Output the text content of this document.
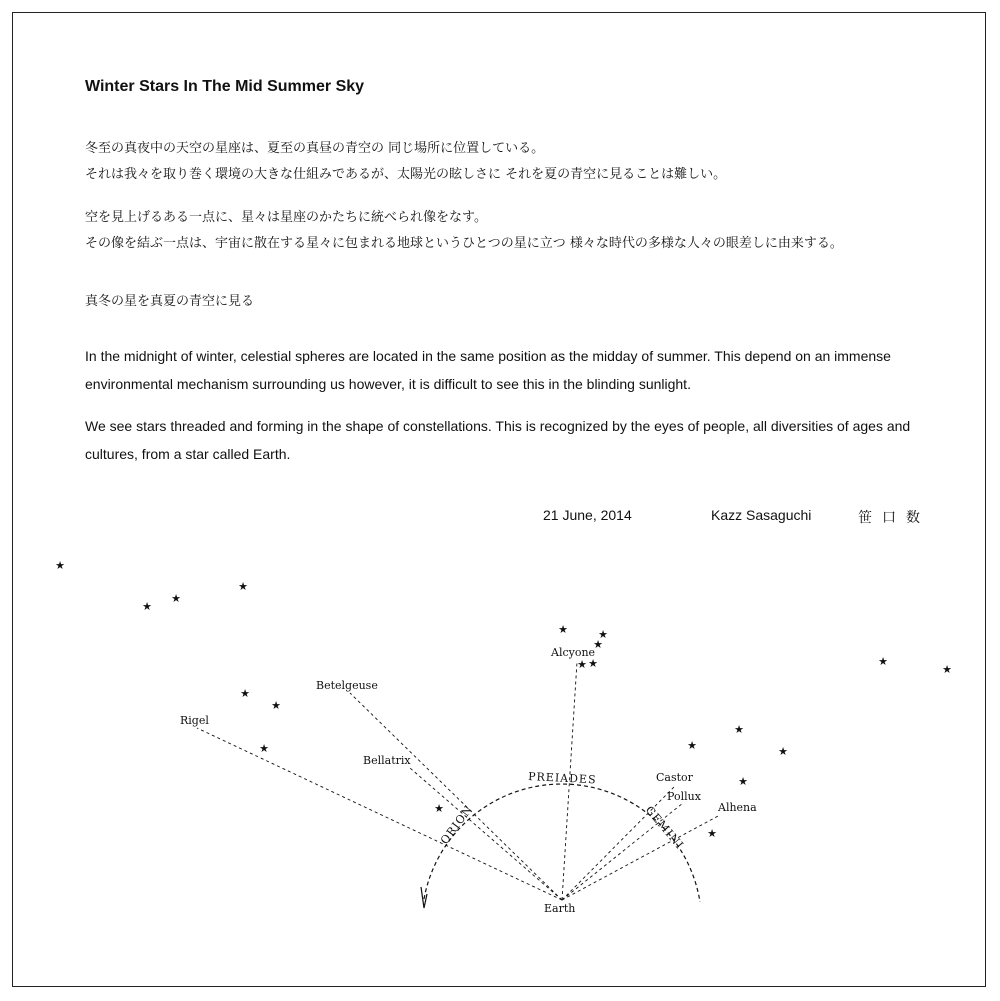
Winter Stars In The Mid Summer Sky
冬至の真夜中の天空の星座は、夏至の真昼の青空の 同じ場所に位置している。
それは我々を取り巻く環境の大きな仕組みであるが、太陽光の眩しさに それを夏の青空に見ることは難しい。
空を見上げるある一点に、星々は星座のかたちに統べられ像をなす。
その像を結ぶ一点は、宇宙に散在する星々に包まれる地球というひとつの星に立つ 様々な時代の多様な人々の眼差しに由来する。
真冬の星を真夏の青空に見る
In the midnight of winter, celestial spheres are located in the same position as the midday of summer. This depend on an immense environmental mechanism surrounding us however, it is difficult to see this in the blinding sunlight.
We see stars threaded and forming in the shape of constellations. This is recognized by the eyes of people, all diversities of ages and cultures, from a star called Earth.
21 June, 2014	Kazz Sasaguchi	笹口数
★
★
★
★
★
★
★
★
★	★
★
★ ★	★
★
★
★	★
★
★
Rigel
Betelgeuse
Bellatrix
Alcyone
Castor
Pollux
Alhena
Earth
ORION
PREIADES
GEMINI
